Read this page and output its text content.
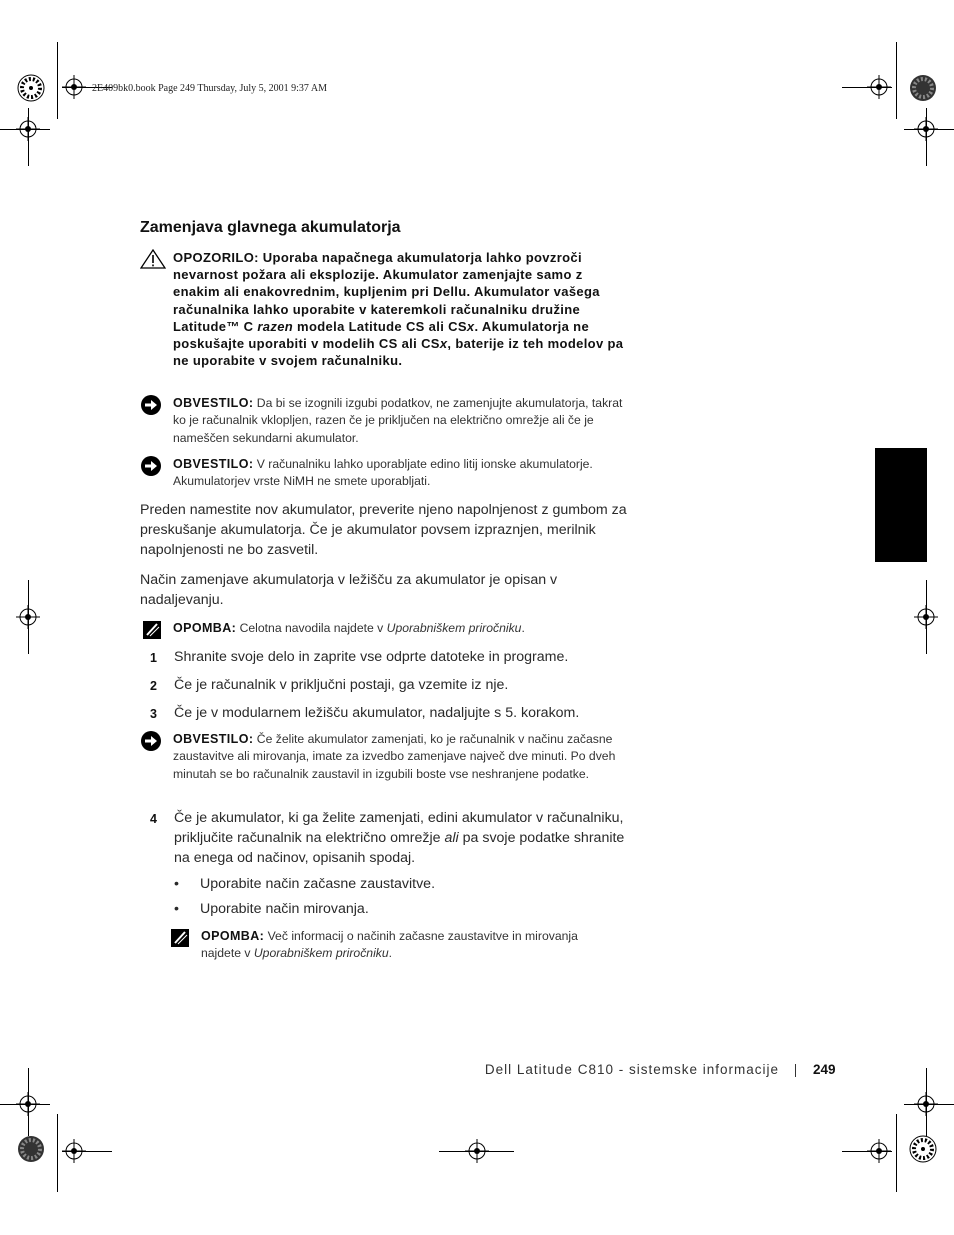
2E409bk0.book Page 249 Thursday, July 5, 2001 9:37 AM
Zamenjava glavnega akumulatorja
OPOZORILO: Uporaba napačnega akumulatorja lahko povzroči nevarnost požara ali eksplozije. Akumulator zamenjajte samo z enakim ali enakovrednim, kupljenim pri Dellu. Akumulator vašega računalnika lahko uporabite v kateremkoli računalniku družine Latitude™ C razen modela Latitude CS ali CSx. Akumulatorja ne poskušajte uporabiti v modelih CS ali CSx, baterije iz teh modelov pa ne uporabite v svojem računalniku.
OBVESTILO: Da bi se izognili izgubi podatkov, ne zamenjujte akumulatorja, takrat ko je računalnik vklopljen, razen če je priključen na električno omrežje ali če je nameščen sekundarni akumulator.
OBVESTILO: V računalniku lahko uporabljate edino litij ionske akumulatorje. Akumulatorjev vrste NiMH ne smete uporabljati.
Preden namestite nov akumulator, preverite njeno napolnjenost z gumbom za preskušanje akumulatorja. Če je akumulator povsem izpraznjen, merilnik napolnjenosti ne bo zasvetil.
Način zamenjave akumulatorja v ležišču za akumulator je opisan v nadaljevanju.
OPOMBA: Celotna navodila najdete v Uporabniškem priročniku.
1 Shranite svoje delo in zaprite vse odprte datoteke in programe.
2 Če je računalnik v priključni postaji, ga vzemite iz nje.
3 Če je v modularnem ležišču akumulator, nadaljujte s 5. korakom.
OBVESTILO: Če želite akumulator zamenjati, ko je računalnik v načinu začasne zaustavitve ali mirovanja, imate za izvedbo zamenjave največ dve minuti. Po dveh minutah se bo računalnik zaustavil in izgubili boste vse neshranjene podatke.
4 Če je akumulator, ki ga želite zamenjati, edini akumulator v računalniku, priključite računalnik na električno omrežje ali pa svoje podatke shranite na enega od načinov, opisanih spodaj.
• Uporabite način začasne zaustavitve.
• Uporabite način mirovanja.
OPOMBA: Več informacij o načinih začasne zaustavitve in mirovanja najdete v Uporabniškem priročniku.
Dell Latitude C810 - sistemske informacije	249
